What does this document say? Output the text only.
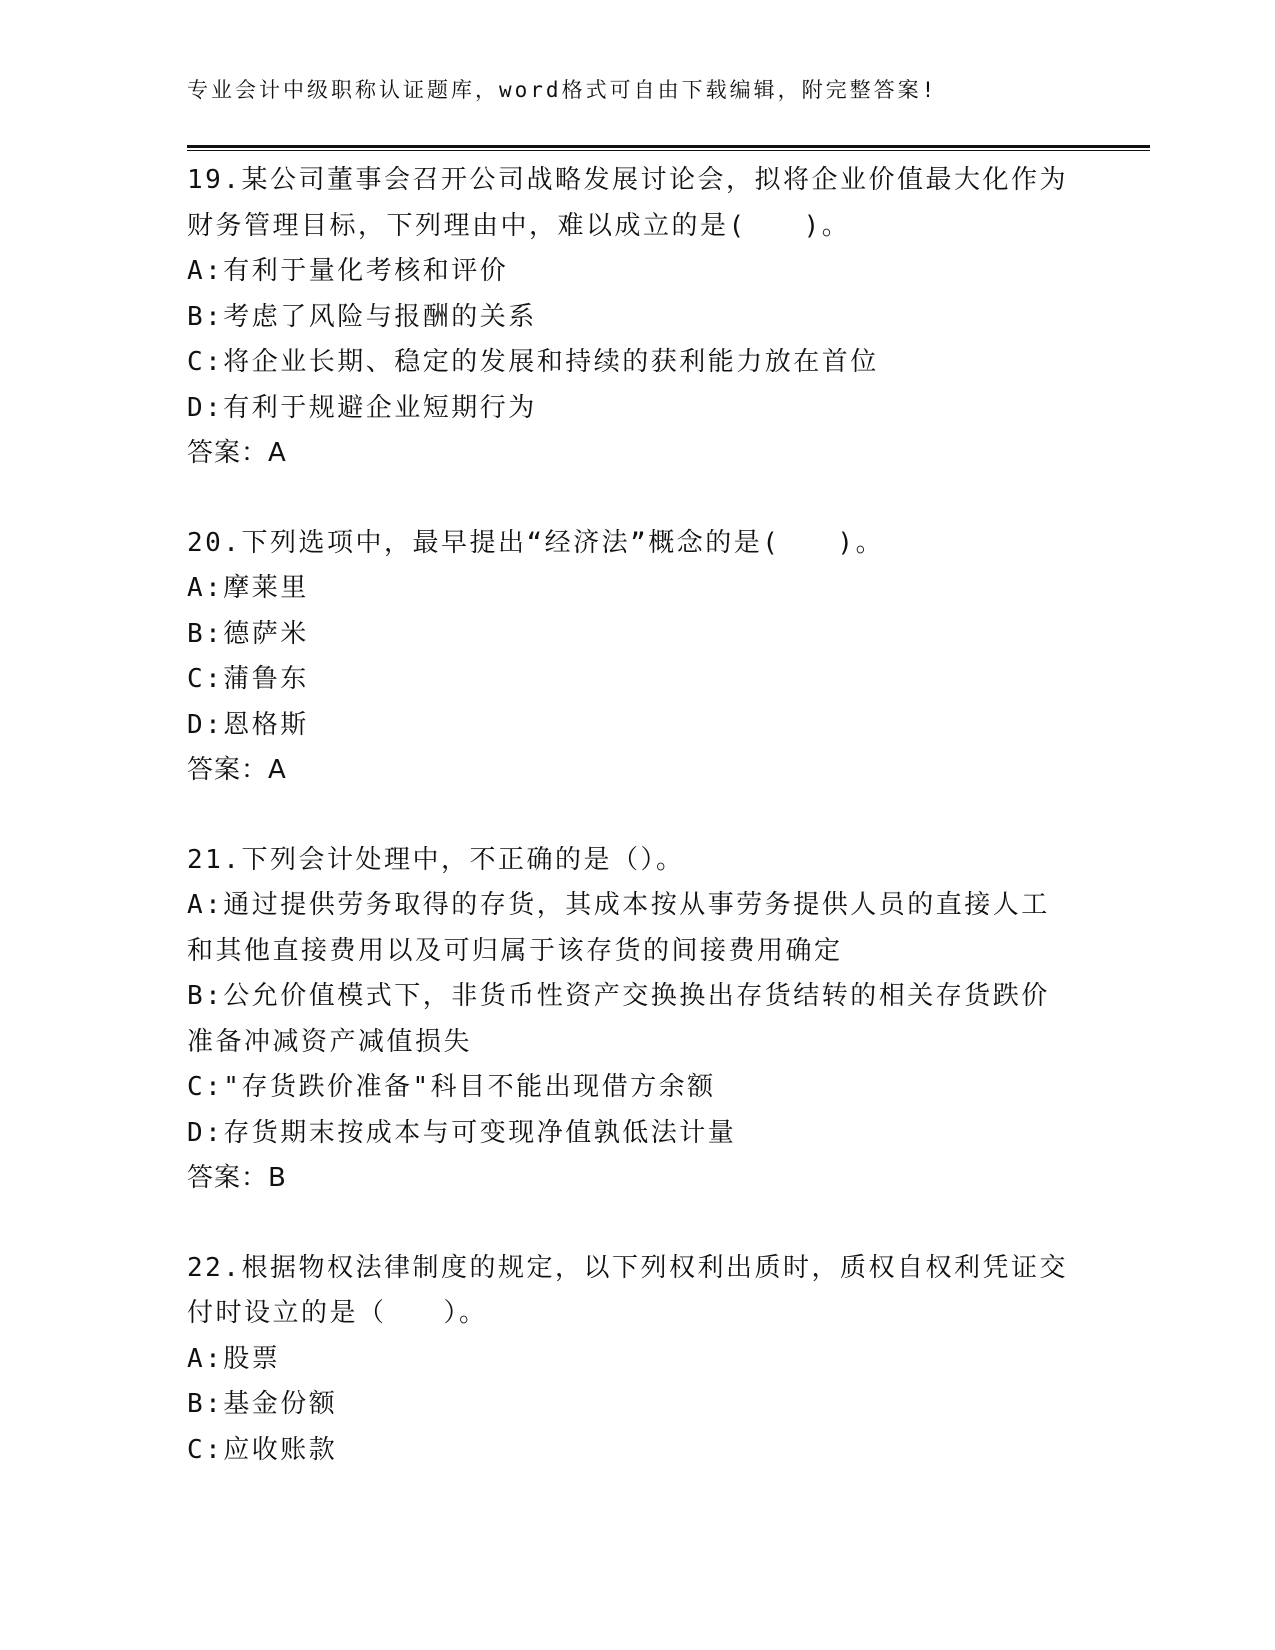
专业会计中级职称认证题库，word格式可自由下载编辑，附完整答案!
19.某公司董事会召开公司战略发展讨论会，拟将企业价值最大化作为
财务管理目标，下列理由中，难以成立的是(　　)。
A:有利于量化考核和评价
B:考虑了风险与报酬的关系
C:将企业长期、稳定的发展和持续的获利能力放在首位
D:有利于规避企业短期行为
答案：A
20.下列选项中，最早提出“经济法”概念的是(　　)。
A:摩莱里
B:德萨米
C:蒲鲁东
D:恩格斯
答案：A
21.下列会计处理中，不正确的是（）。
A:通过提供劳务取得的存货，其成本按从事劳务提供人员的直接人工
和其他直接费用以及可归属于该存货的间接费用确定
B:公允价值模式下，非货币性资产交换换出存货结转的相关存货跌价
准备冲减资产减值损失
C:"存货跌价准备"科目不能出现借方余额
D:存货期末按成本与可变现净值孰低法计量
答案：B
22.根据物权法律制度的规定，以下列权利出质时，质权自权利凭证交
付时设立的是（　　）。
A:股票
B:基金份额
C:应收账款
